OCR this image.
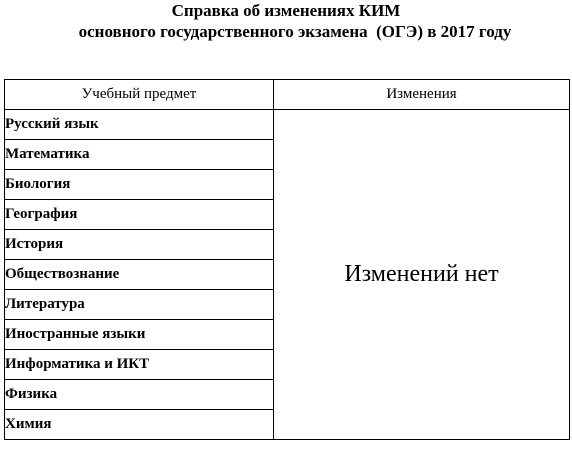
Справка об изменениях КИМ
основного государственного экзамена  (ОГЭ) в 2017 году
Учебный предмет	Изменения
Русский язык	Изменений нет
Математика	
Биология	
География	
История	
Обществознание	
Литература	
Иностранные языки	
Информатика и ИКТ	
Физика	
Химия	
